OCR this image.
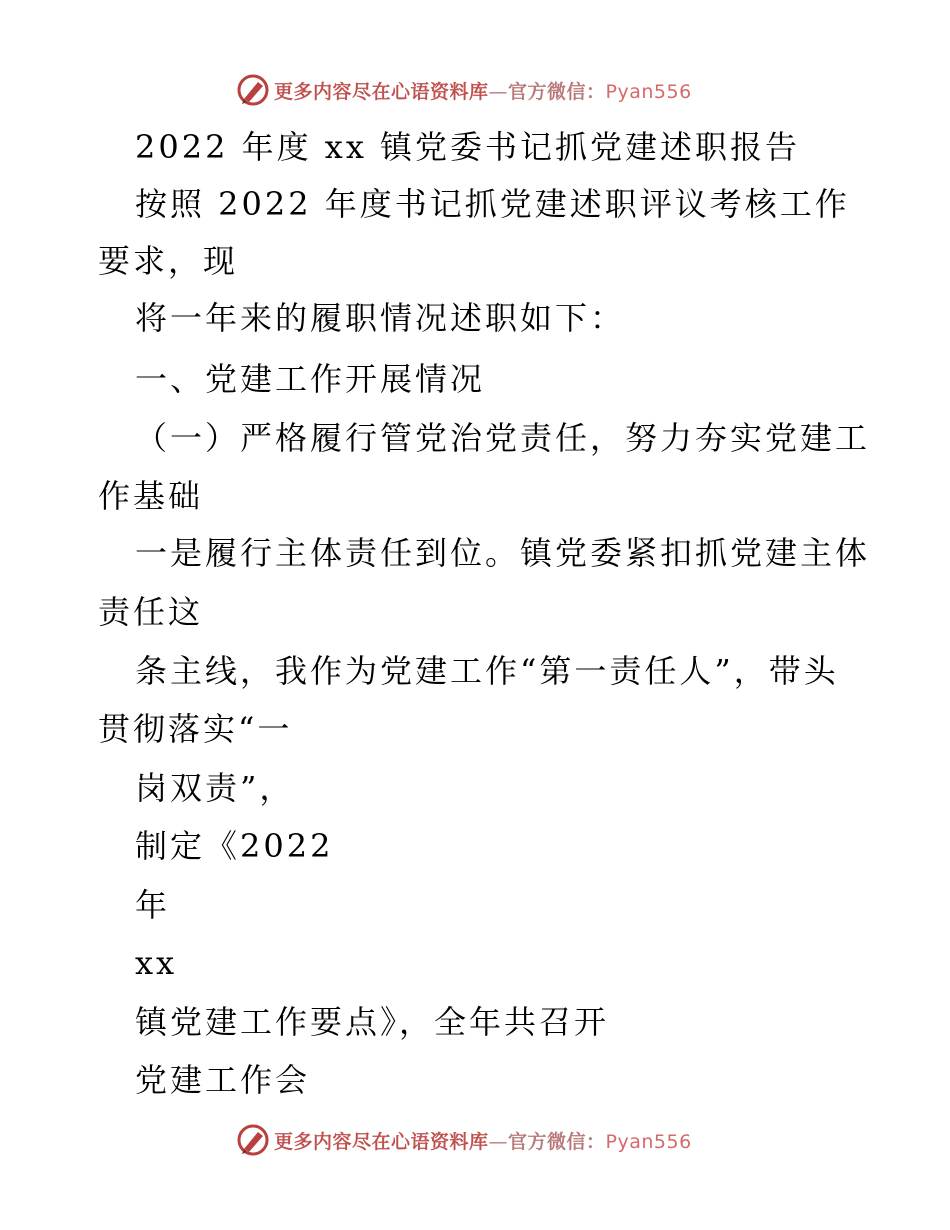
更多内容尽在心语资料库—官方微信：Pyan556
2022 年度 xx 镇党委书记抓党建述职报告
按照 2022 年度书记抓党建述职评议考核工作
要求，现
将一年来的履职情况述职如下：
一、党建工作开展情况
（一）严格履行管党治党责任，努力夯实党建工
作基础
一是履行主体责任到位。镇党委紧扣抓党建主体
责任这
条主线，我作为党建工作“第一责任人”，带头
贯彻落实“一
岗双责”，
制定《2022
年
xx
镇党建工作要点》，全年共召开
党建工作会
更多内容尽在心语资料库—官方微信：Pyan556
